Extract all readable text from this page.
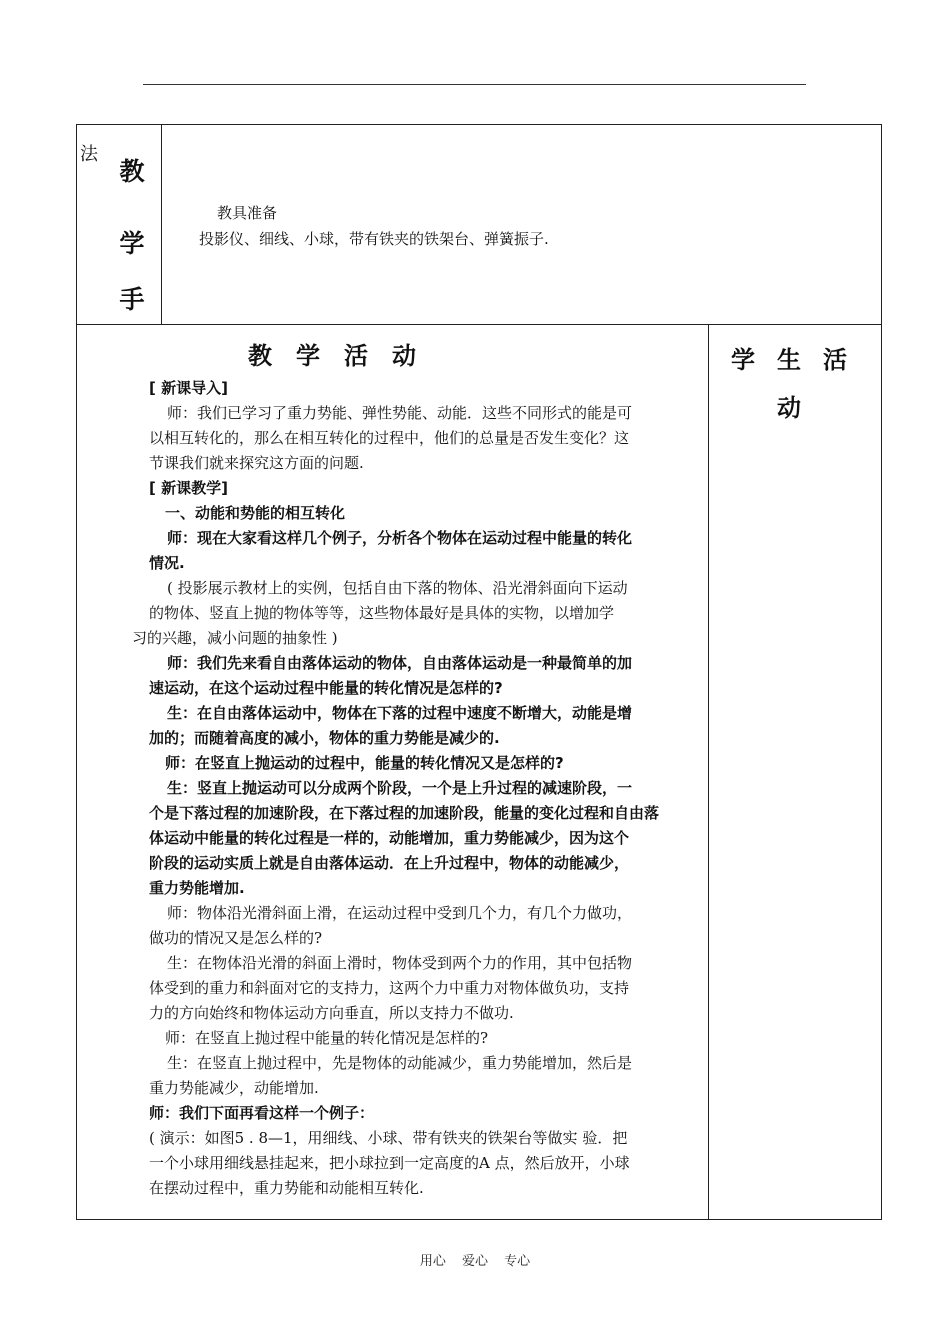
法
教
学
手
教具准备
投影仪、细线、小球，带有铁夹的铁架台、弹簧振子.
教学活动	学生活动
[ 新课导入]
师：我们已学习了重力势能、弹性势能、动能．这些不同形式的能是可
以相互转化的，那么在相互转化的过程中，他们的总量是否发生变化？这
节课我们就来探究这方面的问题.
[ 新课教学]
一、动能和势能的相互转化
师：现在大家看这样几个例子，分析各个物体在运动过程中能量的转化
情况.
( 投影展示教材上的实例，包括自由下落的物体、沿光滑斜面向下运动
的物体、竖直上抛的物体等等，这些物体最好是具体的实物，以增加学
习的兴趣，减小问题的抽象性 )
师：我们先来看自由落体运动的物体，自由落体运动是一种最简单的加
速运动，在这个运动过程中能量的转化情况是怎样的?
生：在自由落体运动中，物体在下落的过程中速度不断增大，动能是增
加的；而随着高度的减小，物体的重力势能是减少的.
师：在竖直上抛运动的过程中，能量的转化情况又是怎样的?
生：竖直上抛运动可以分成两个阶段，一个是上升过程的减速阶段，一
个是下落过程的加速阶段，在下落过程的加速阶段，能量的变化过程和自由落
体运动中能量的转化过程是一样的，动能增加，重力势能减少，因为这个
阶段的运动实质上就是自由落体运动．在上升过程中，物体的动能减少，
重力势能增加.
师：物体沿光滑斜面上滑，在运动过程中受到几个力，有几个力做功，
做功的情况又是怎么样的?
生：在物体沿光滑的斜面上滑时，物体受到两个力的作用，其中包括物
体受到的重力和斜面对它的支持力，这两个力中重力对物体做负功，支持
力的方向始终和物体运动方向垂直，所以支持力不做功.
师：在竖直上抛过程中能量的转化情况是怎样的?
生：在竖直上抛过程中，先是物体的动能减少，重力势能增加，然后是
重力势能减少，动能增加.
师：我们下面再看这样一个例子：
( 演示：如图5 . 8—1，用细线、小球、带有铁夹的铁架台等做实 验．把
一个小球用细线悬挂起来，把小球拉到一定高度的A 点，然后放开，小球
在摆动过程中，重力势能和动能相互转化.
用心 爱心 专心
